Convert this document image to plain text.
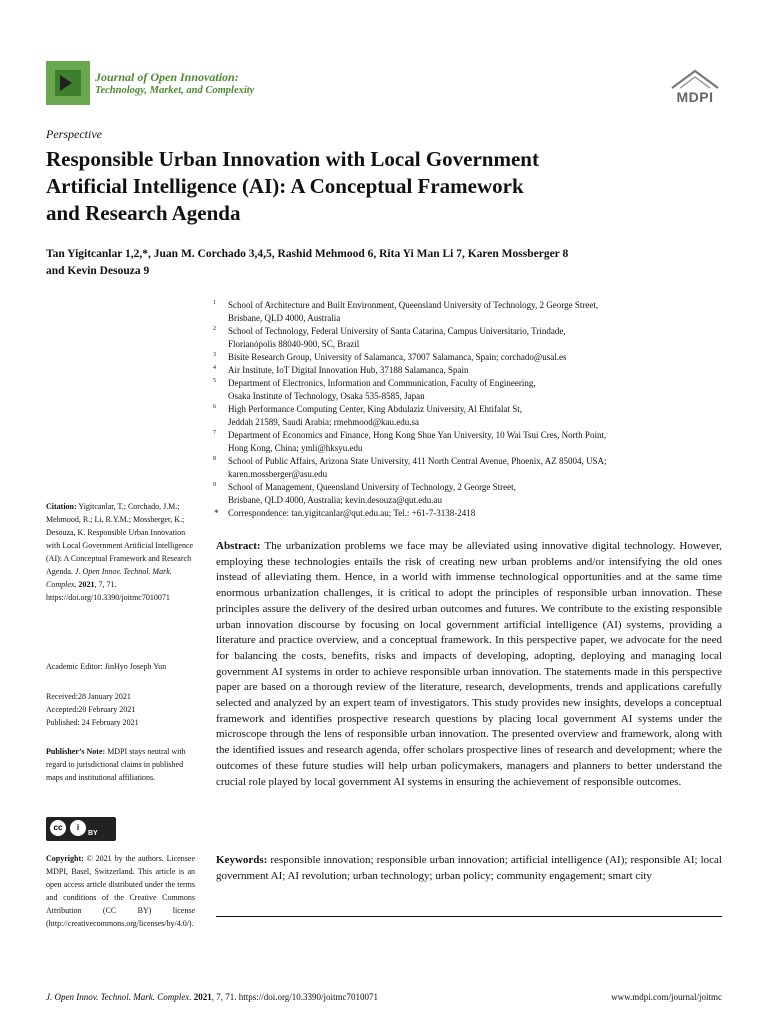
Journal of Open Innovation:
Technology, Market, and Complexity	MDPI
Perspective
Responsible Urban Innovation with Local Government
Artificial Intelligence (AI): A Conceptual Framework
and Research Agenda
Tan Yigitcanlar 1,2,*, Juan M. Corchado 3,4,5, Rashid Mehmood 6, Rita Yi Man Li 7, Karen Mossberger 8
and Kevin Desouza 9
1 School of Architecture and Built Environment, Queensland University of Technology, 2 George Street,
Brisbane, QLD 4000, Australia
2 School of Technology, Federal University of Santa Catarina, Campus Universitario, Trindade,
Florianópolis 88040-900, SC, Brazil
3 Bisite Research Group, University of Salamanca, 37007 Salamanca, Spain; corchado@usal.es
4 Air Institute, IoT Digital Innovation Hub, 37188 Salamanca, Spain
5 Department of Electronics, Information and Communication, Faculty of Engineering,
Osaka Institute of Technology, Osaka 535-8585, Japan
6 High Performance Computing Center, King Abdulaziz University, Al Ehtifalat St,
Jeddah 21589, Saudi Arabia; rmehmood@kau.edu.sa
7 Department of Economics and Finance, Hong Kong Shue Yan University, 10 Wai Tsui Cres, North Point,
Hong Kong, China; ymli@hksyu.edu
8 School of Public Affairs, Arizona State University, 411 North Central Avenue, Phoenix, AZ 85004, USA;
karen.mossberger@asu.edu
9 School of Management, Queensland University of Technology, 2 George Street,
Brisbane, QLD 4000, Australia; kevin.desouza@qut.edu.au
* Correspondence: tan.yigitcanlar@qut.edu.au; Tel.: +61-7-3138-2418

Citation: Yigitcanlar, T.; Corchado, J.M.; Mehmood, R.; Li, R.Y.M.; Mossberger, K.; Desouza, K. Responsible Urban Innovation with Local Government Artificial Intelligence (AI): A Conceptual Framework and Research Agenda. J. Open Innov. Technol. Mark. Complex. 2021, 7, 71. https://doi.org/10.3390/joitmc7010071

Academic Editor: JinHyo Joseph Yun

Received:28 January 2021

Accepted:20 February 2021

Published: 24 February 2021

Publisher’s Note: MDPI stays neutral with regard to jurisdictional claims in published maps and institutional affiliations.

cc	i
BY

Copyright: © 2021 by the authors. Licensee MDPI, Basel, Switzerland. This article is an open access article distributed under the terms and conditions of the Creative Commons Attribution (CC BY) license (http://creativecommons.org/licenses/by/4.0/).

Abstract: The urbanization problems we face may be alleviated using innovative digital technology. However, employing these technologies entails the risk of creating new urban problems and/or intensifying the old ones instead of alleviating them. Hence, in a world with immense technological opportunities and at the same time enormous urbanization challenges, it is critical to adopt the principles of responsible urban innovation. These principles assure the delivery of the desired urban outcomes and futures. We contribute to the existing responsible urban innovation discourse by focusing on local government artificial intelligence (AI) systems, providing a literature and practice overview, and a conceptual framework. In this perspective paper, we advocate for the need for balancing the costs, benefits, risks and impacts of developing, adopting, deploying and managing local government AI systems in order to achieve responsible urban innovation. The statements made in this perspective paper are based on a thorough review of the literature, research, developments, trends and applications carefully selected and analyzed by an expert team of investigators. This study provides new insights, develops a conceptual framework and identifies prospective research questions by placing local government AI systems under the microscope through the lens of responsible urban innovation. The presented overview and framework, along with the identified issues and research agenda, offer scholars prospective lines of research and development; where the outcomes of these future studies will help urban policymakers, managers and planners to better understand the crucial role played by local government AI systems in ensuring the achievement of responsible outcomes.

Keywords: responsible innovation; responsible urban innovation; artificial intelligence (AI); responsible AI; local government AI; AI revolution; urban technology; urban policy; community engagement; smart city

J. Open Innov. Technol. Mark. Complex. 2021, 7, 71. https://doi.org/10.3390/joitmc7010071	www.mdpi.com/journal/joitmc
